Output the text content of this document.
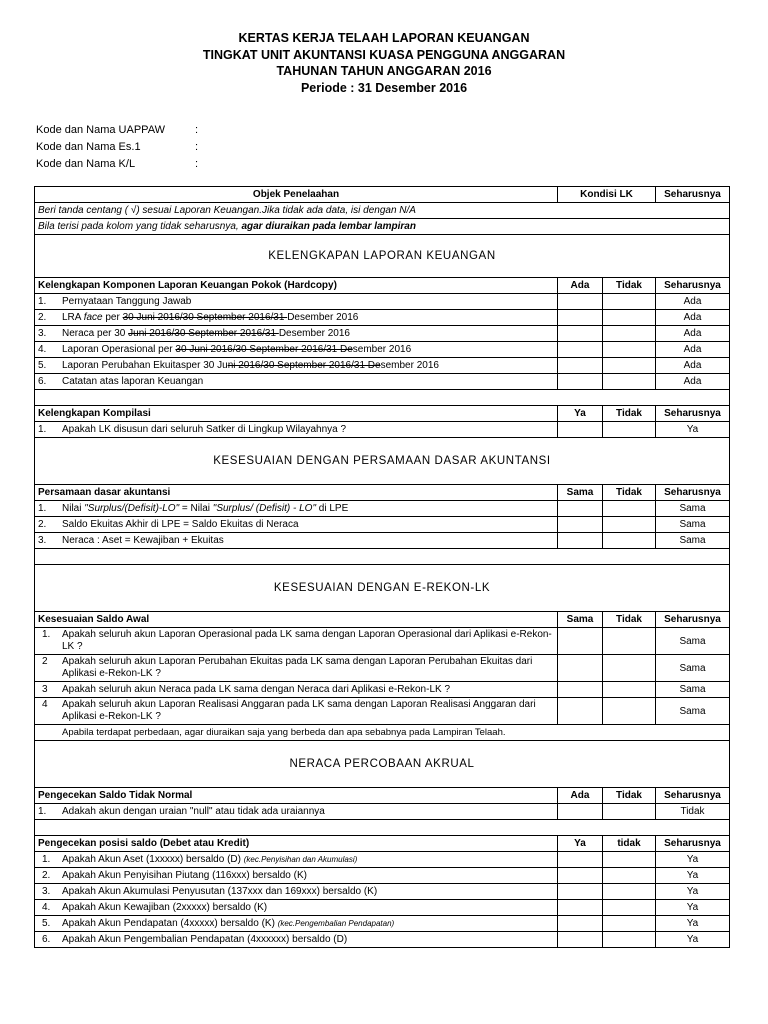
KERTAS KERJA TELAAH LAPORAN KEUANGAN
TINGKAT UNIT AKUNTANSI KUASA PENGGUNA ANGGARAN
TAHUNAN TAHUN ANGGARAN 2016
Periode : 31 Desember 2016
Kode dan Nama UAPPAW	:
Kode dan Nama Es.1	:
Kode dan Nama K/L	:
Objek Penelaahan	Kondisi LK		Seharusnya
Beri tanda centang ( √) sesuai Laporan Keuangan.Jika tidak ada data, isi dengan N/A			
Bila terisi pada kolom yang tidak seharusnya, agar diuraikan pada lembar lampiran			
KELENGKAPAN LAPORAN KEUANGAN			
Kelengkapan Komponen Laporan Keuangan Pokok (Hardcopy)	Ada	Tidak	Seharusnya
1. Pernyataan Tanggung Jawab			Ada
2. LRA face per 30 Juni 2016/30 September 2016/31 Desember 2016			Ada
3. Neraca per 30 Juni 2016/30 September 2016/31 Desember 2016			Ada
4. Laporan Operasional per 30 Juni 2016/30 September 2016/31 Desember 2016			Ada
5. Laporan Perubahan Ekuitasper 30 Juni 2016/30 September 2016/31 Desember 2016			Ada
6. Catatan atas laporan Keuangan			Ada

Kelengkapan Kompilasi	Ya	Tidak	Seharusnya
1. Apakah LK disusun dari seluruh Satker di Lingkup Wilayahnya ?			Ya
KESESUAIAN DENGAN PERSAMAAN DASAR AKUNTANSI			
Persamaan dasar akuntansi	Sama	Tidak	Seharusnya
1. Nilai "Surplus/(Defisit)-LO" = Nilai "Surplus/ (Defisit) - LO" di LPE			Sama
2. Saldo Ekuitas Akhir di LPE = Saldo Ekuitas di Neraca			Sama
3. Neraca : Aset = Kewajiban + Ekuitas			Sama

KESESUAIAN DENGAN E-REKON-LK			
Kesesuaian Saldo Awal	Sama	Tidak	Seharusnya

1. Apakah seluruh akun Laporan Operasional pada LK sama dengan Laporan Operasional dari Aplikasi e-Rekon-LK ?			Sama

2 Apakah seluruh akun Laporan Perubahan Ekuitas pada LK sama dengan Laporan Perubahan Ekuitas dari Aplikasi e-Rekon-LK ?			Sama
3 Apakah seluruh akun Neraca pada LK sama dengan Neraca dari Aplikasi e-Rekon-LK ?			Sama

4 Apakah seluruh akun Laporan Realisasi Anggaran pada LK sama dengan Laporan Realisasi Anggaran dari Aplikasi e-Rekon-LK ?			Sama
Apabila terdapat perbedaan, agar diuraikan saja yang berbeda dan apa sebabnya pada Lampiran Telaah.			
NERACA PERCOBAAN AKRUAL			
Pengecekan Saldo Tidak Normal	Ada	Tidak	Seharusnya
1. Adakah akun dengan uraian "null" atau tidak ada uraiannya			Tidak

Pengecekan posisi saldo (Debet atau Kredit)	Ya	tidak	Seharusnya
1. Apakah Akun Aset (1xxxxx) bersaldo (D) (kec.Penyisihan dan Akumulasi)			Ya
2. Apakah Akun Penyisihan Piutang (116xxx) bersaldo (K)			Ya
3. Apakah Akun Akumulasi Penyusutan (137xxx dan 169xxx) bersaldo (K)			Ya
4. Apakah Akun Kewajiban (2xxxxx) bersaldo (K)			Ya
5. Apakah Akun Pendapatan (4xxxxx) bersaldo (K) (kec.Pengembalian Pendapatan)			Ya
6. Apakah Akun Pengembalian Pendapatan (4xxxxxx) bersaldo (D)			Ya
